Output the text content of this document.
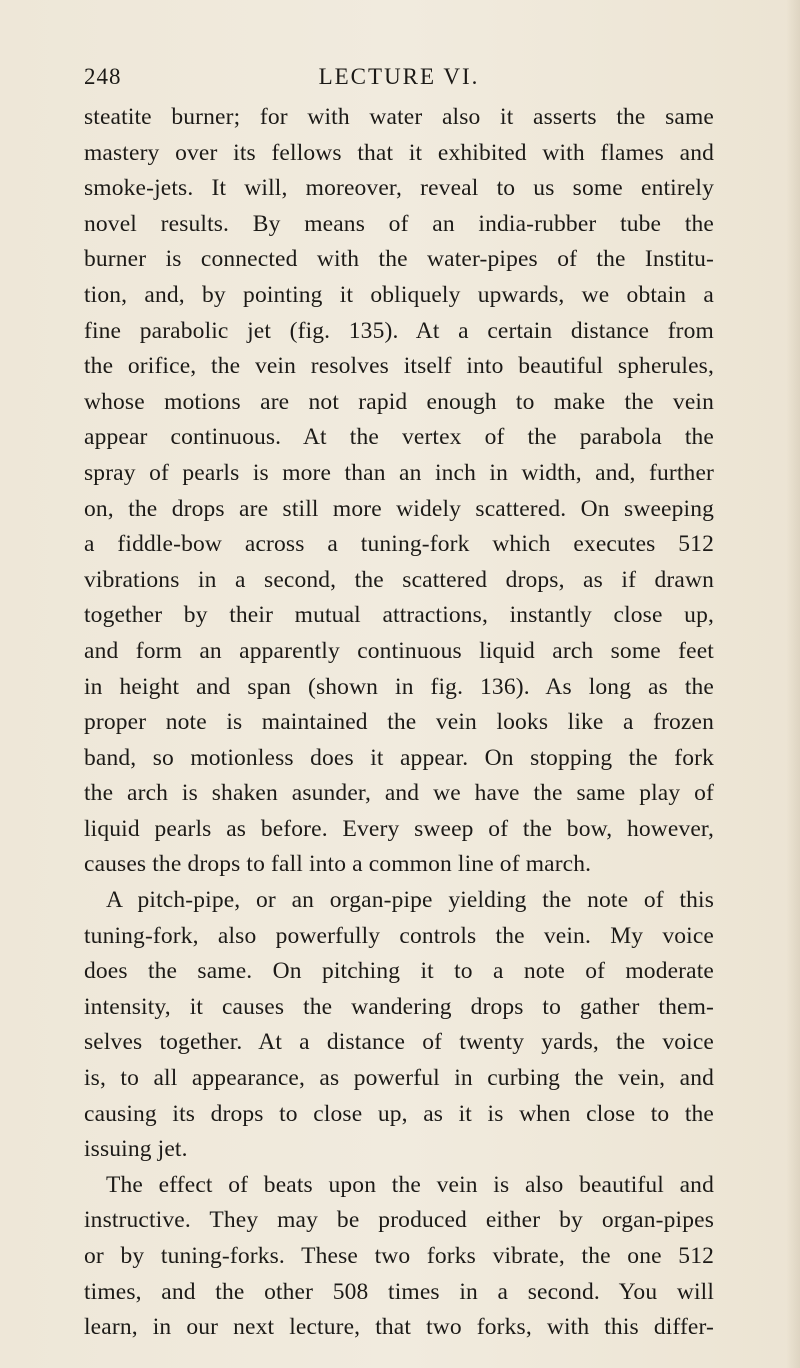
248	LECTURE VI.
steatite burner; for with water also it asserts the same
mastery over its fellows that it exhibited with flames and
smoke-jets. It will, moreover, reveal to us some entirely
novel results. By means of an india-rubber tube the
burner is connected with the water-pipes of the Institu-
tion, and, by pointing it obliquely upwards, we obtain a
fine parabolic jet (fig. 135). At a certain distance from
the orifice, the vein resolves itself into beautiful spherules,
whose motions are not rapid enough to make the vein
appear continuous. At the vertex of the parabola the
spray of pearls is more than an inch in width, and, further
on, the drops are still more widely scattered. On sweeping
a fiddle-bow across a tuning-fork which executes 512
vibrations in a second, the scattered drops, as if drawn
together by their mutual attractions, instantly close up,
and form an apparently continuous liquid arch some feet
in height and span (shown in fig. 136). As long as the
proper note is maintained the vein looks like a frozen
band, so motionless does it appear. On stopping the fork
the arch is shaken asunder, and we have the same play of
liquid pearls as before. Every sweep of the bow, however,
causes the drops to fall into a common line of march.
A pitch-pipe, or an organ-pipe yielding the note of this
tuning-fork, also powerfully controls the vein. My voice
does the same. On pitching it to a note of moderate
intensity, it causes the wandering drops to gather them-
selves together. At a distance of twenty yards, the voice
is, to all appearance, as powerful in curbing the vein, and
causing its drops to close up, as it is when close to the
issuing jet.
The effect of beats upon the vein is also beautiful and
instructive. They may be produced either by organ-pipes
or by tuning-forks. These two forks vibrate, the one 512
times, and the other 508 times in a second. You will
learn, in our next lecture, that two forks, with this differ-
